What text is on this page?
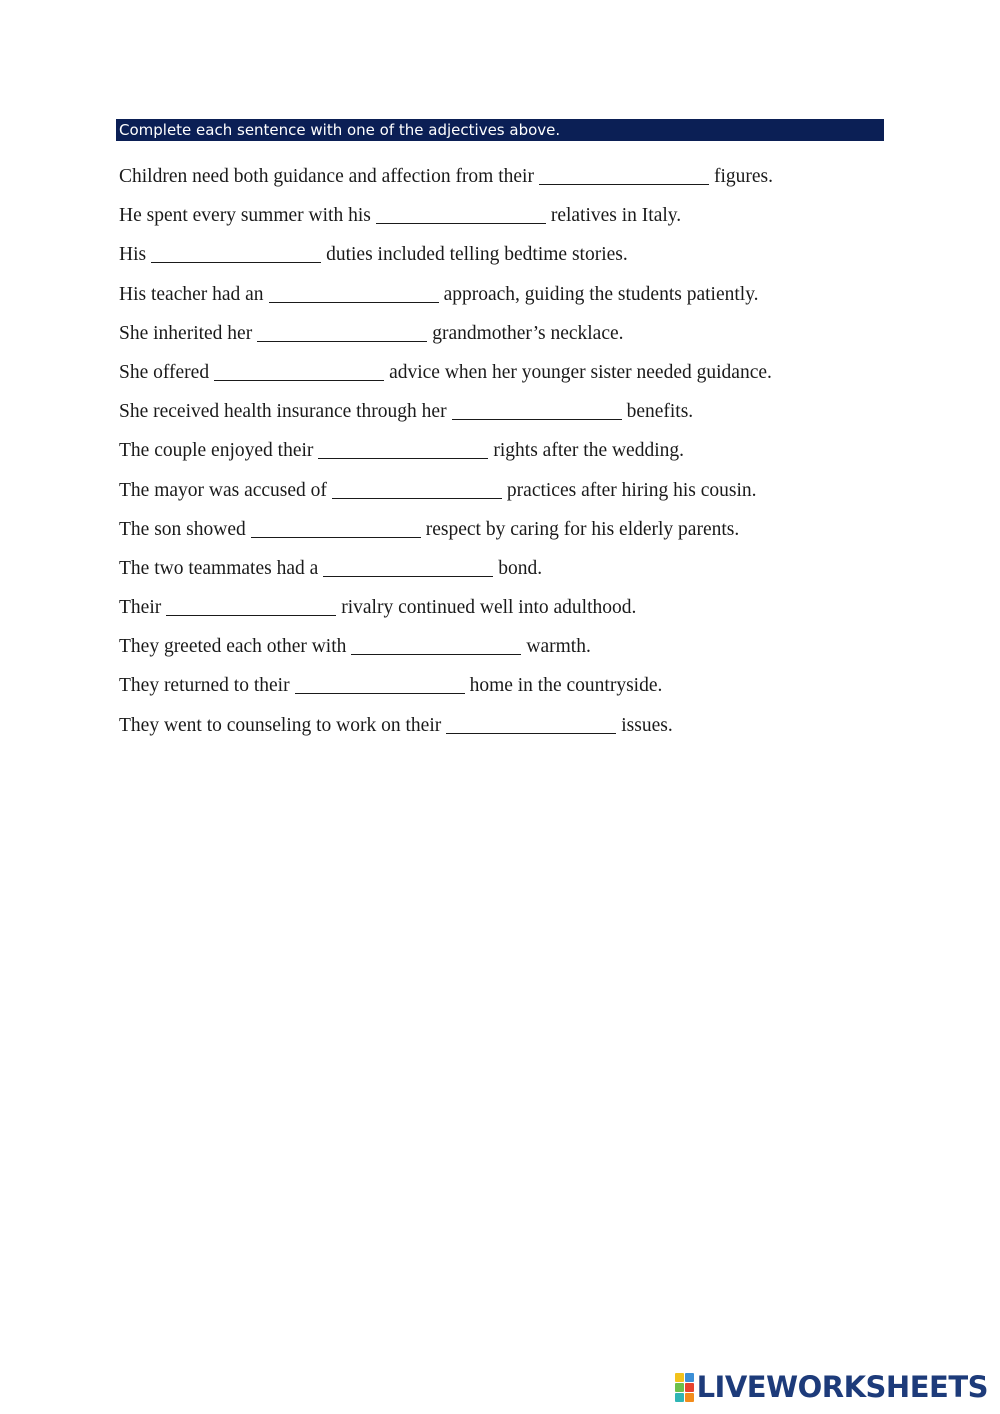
Complete each sentence with one of the adjectives above.
Children need both guidance and affection from their	figures.
He spent every summer with his	relatives in Italy.
His	duties included telling bedtime stories.
His teacher had an	approach, guiding the students patiently.
She inherited her	grandmother’s necklace.
She offered	advice when her younger sister needed guidance.
She received health insurance through her	benefits.
The couple enjoyed their	rights after the wedding.
The mayor was accused of	practices after hiring his cousin.
The son showed	respect by caring for his elderly parents.
The two teammates had a	bond.
Their	rivalry continued well into adulthood.
They greeted each other with	warmth.
They returned to their	home in the countryside.
They went to counseling to work on their	issues.
LIVEWORKSHEETS
